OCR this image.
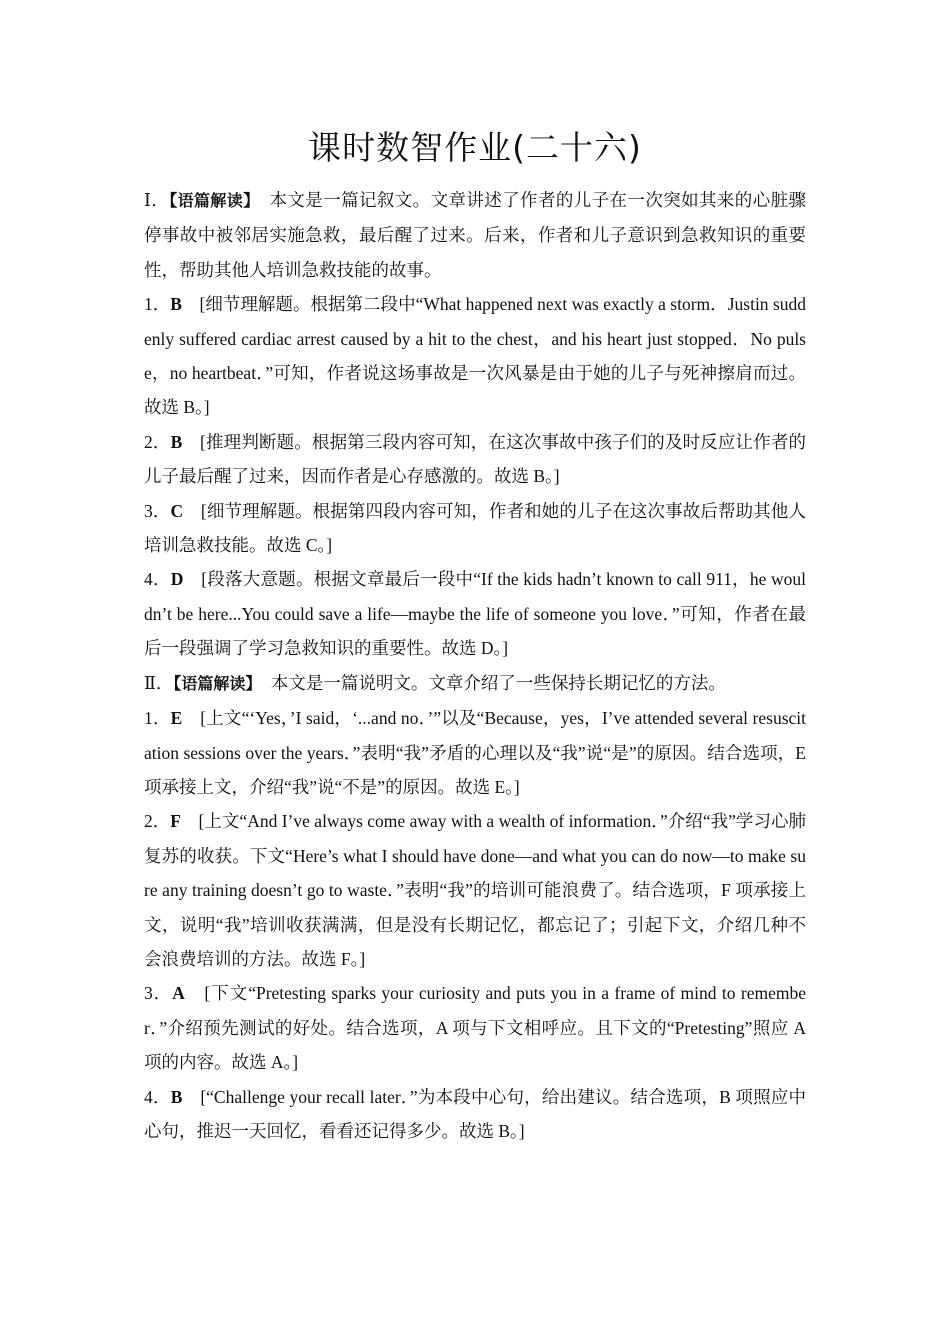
课时数智作业(二十六)

Ⅰ．【语篇解读】　本文是一篇记叙文。文章讲述了作者的儿子在一次突如其来的心脏骤停事故中被邻居实施急救，最后醒了过来。后来，作者和儿子意识到急救知识的重要性，帮助其他人培训急救技能的故事。

1．B　[细节理解题。根据第二段中“What happened next was exactly a storm．Justin suddenly suffered cardiac arrest caused by a hit to the chest，and his heart just stopped．No pulse，no heartbeat．”可知，作者说这场事故是一次风暴是由于她的儿子与死神擦肩而过。故选 B。]

2．B　[推理判断题。根据第三段内容可知，在这次事故中孩子们的及时反应让作者的儿子最后醒了过来，因而作者是心存感激的。故选 B。]

3．C　[细节理解题。根据第四段内容可知，作者和她的儿子在这次事故后帮助其他人培训急救技能。故选 C。]

4．D　[段落大意题。根据文章最后一段中“If the kids hadn’t known to call 911，he wouldn’t be here...You could save a life—maybe the life of someone you love．”可知，作者在最后一段强调了学习急救知识的重要性。故选 D。]

Ⅱ．【语篇解读】　本文是一篇说明文。文章介绍了一些保持长期记忆的方法。

1．E　[上文“‘Yes，’I said，‘...and no．’”以及“Because，yes，I’ve attended several resuscitation sessions over the years．”表明“我”矛盾的心理以及“我”说“是”的原因。结合选项，E 项承接上文，介绍“我”说“不是”的原因。故选 E。]

2．F　[上文“And I’ve always come away with a wealth of information．”介绍“我”学习心肺复苏的收获。下文“Here’s what I should have done—and what you can do now—to make sure any training doesn’t go to waste．”表明“我”的培训可能浪费了。结合选项，F 项承接上文，说明“我”培训收获满满，但是没有长期记忆，都忘记了；引起下文，介绍几种不会浪费培训的方法。故选 F。]

3．A　[下文“Pretesting sparks your curiosity and puts you in a frame of mind to remember．”介绍预先测试的好处。结合选项，A 项与下文相呼应。且下文的“Pretesting”照应 A 项的内容。故选 A。]

4．B　[“Challenge your recall later．”为本段中心句，给出建议。结合选项，B 项照应中心句，推迟一天回忆，看看还记得多少。故选 B。]
